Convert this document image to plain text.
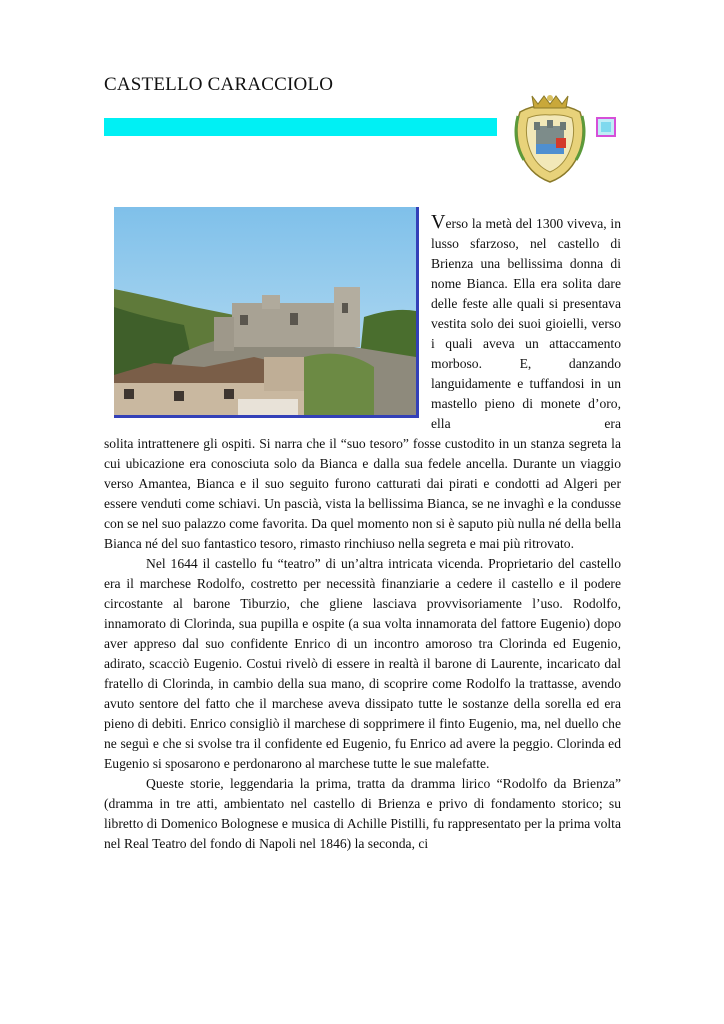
CASTELLO CARACCIOLO
Verso la metà del 1300 viveva, in lusso sfarzoso, nel castello di Brienza una bellissima donna di nome Bianca. Ella era solita dare delle feste alle quali si presentava vestita solo dei suoi gioielli, verso i quali aveva un attaccamento morboso. E, danzando languidamente e tuffandosi in un mastello pieno di monete d’oro, ella era

solita intrattenere gli ospiti. Si narra che il “suo tesoro” fosse custodito in un stanza segreta la cui ubicazione era conosciuta solo da Bianca e dalla sua fedele ancella. Durante un viaggio verso Amantea, Bianca e il suo seguito furono catturati dai pirati e condotti ad Algeri per essere venduti come schiavi. Un pascià, vista la bellissima Bianca, se ne invaghì e la condusse con se nel suo palazzo come favorita. Da quel momento non si è saputo più nulla né della bella Bianca né del suo fantastico tesoro, rimasto rinchiuso nella segreta e mai più ritrovato.

Nel 1644 il castello fu “teatro” di un’altra intricata vicenda. Proprietario del castello era il marchese Rodolfo, costretto per necessità finanziarie a cedere il castello e il podere circostante al barone Tiburzio, che gliene lasciava provvisoriamente l’uso. Rodolfo, innamorato di Clorinda, sua pupilla e ospite (a sua volta innamorata del fattore Eugenio) dopo aver appreso dal suo confidente Enrico di un incontro amoroso tra Clorinda ed Eugenio, adirato, scacciò Eugenio. Costui rivelò di essere in realtà il barone di Laurente, incaricato dal fratello di Clorinda, in cambio della sua mano, di scoprire come Rodolfo la trattasse, avendo avuto sentore del fatto che il marchese aveva dissipato tutte le sostanze della sorella ed era pieno di debiti. Enrico consigliò il marchese di sopprimere il finto Eugenio, ma, nel duello che ne seguì e che si svolse tra il confidente ed Eugenio, fu Enrico ad avere la peggio. Clorinda ed Eugenio si sposarono e perdonarono al marchese tutte le sue malefatte.

Queste storie, leggendaria la prima, tratta da dramma lirico “Rodolfo da Brienza” (dramma in tre atti, ambientato nel castello di Brienza e privo di fondamento storico; su libretto di Domenico Bolognese e musica di Achille Pistilli, fu rappresentato per la prima volta nel Real Teatro del fondo di Napoli nel 1846) la seconda, ci
